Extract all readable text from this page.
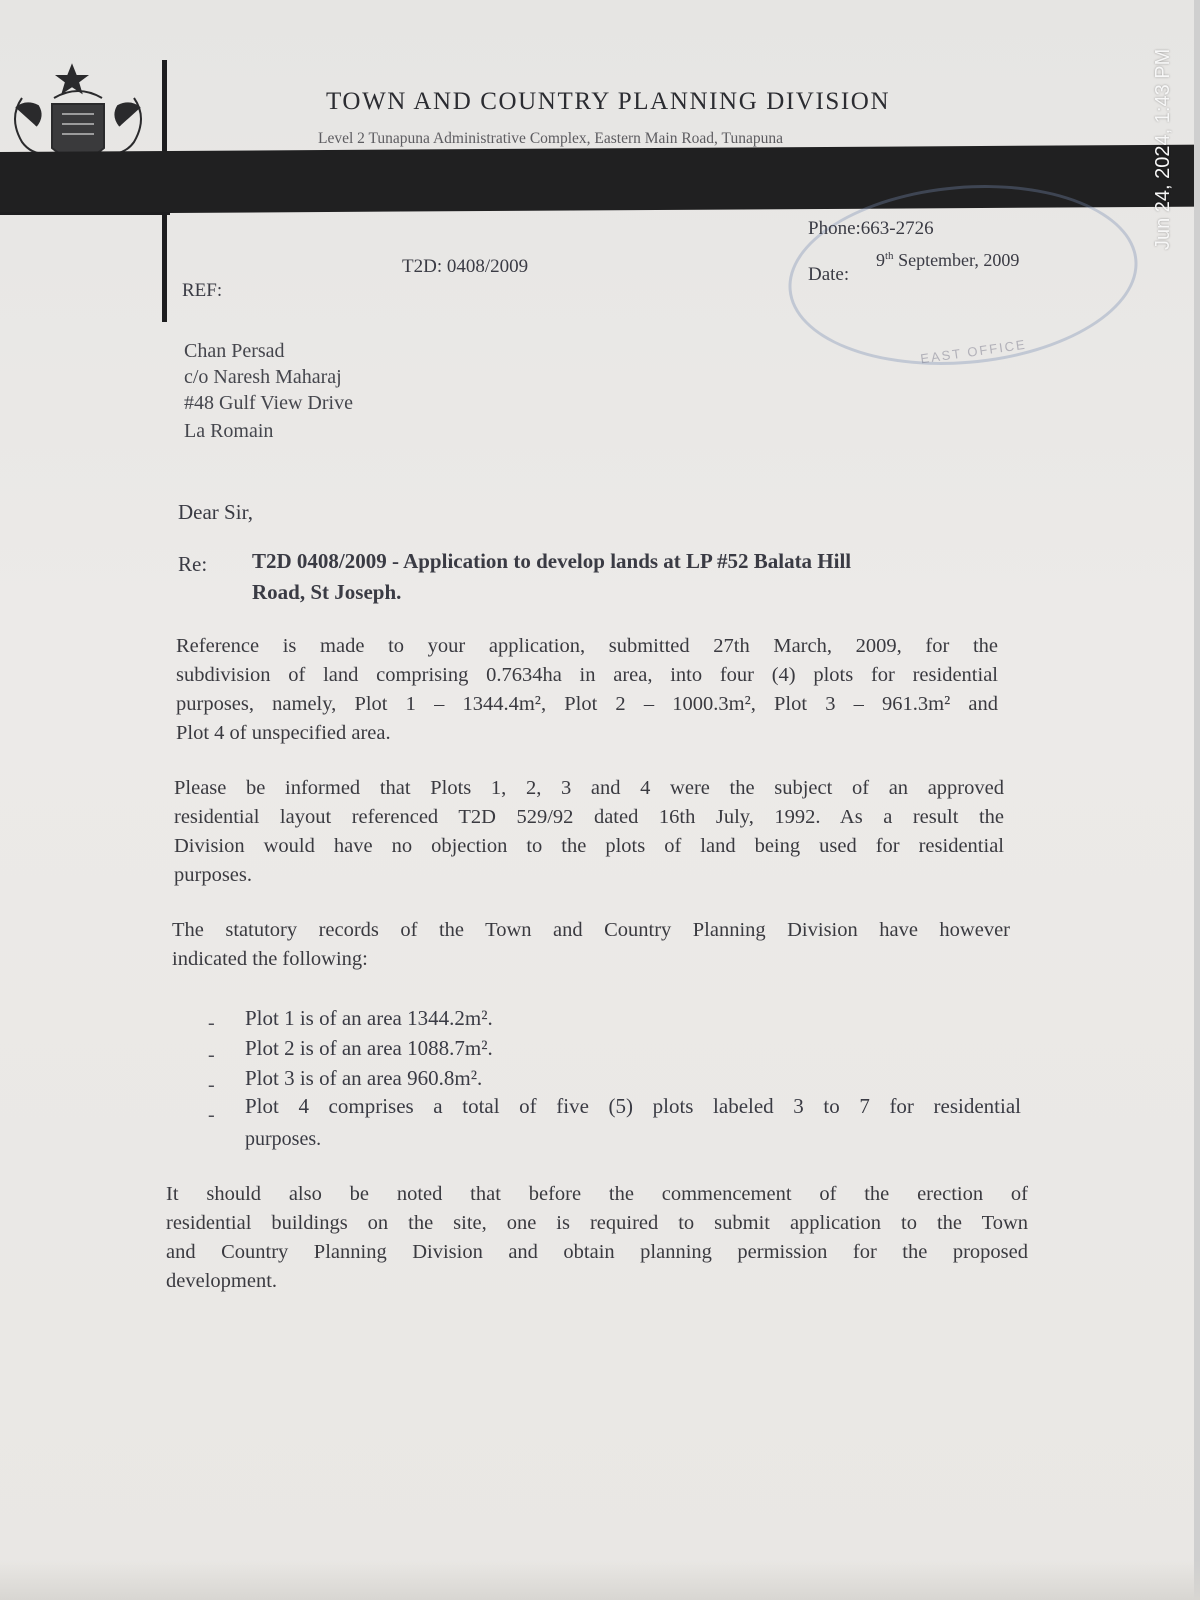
TOWN AND COUNTRY PLANNING DIVISION
Level 2 Tunapuna Administrative Complex, Eastern Main Road, Tunapuna
EAST OFFICE
T2D: 0408/2009
REF:
Phone:663-2726
Date:
9th September, 2009
Chan Persad
c/o Naresh Maharaj
#48 Gulf View Drive
La Romain
Dear Sir,
Re: T2D 0408/2009 - Application to develop lands at LP #52 Balata Hill
Road, St Joseph.
Reference is made to your application, submitted 27th March, 2009, for the
subdivision of land comprising 0.7634ha in area, into four (4) plots for residential
purposes, namely, Plot 1 – 1344.4m², Plot 2 – 1000.3m², Plot 3 – 961.3m² and
Plot 4 of unspecified area.
Please be informed that Plots 1, 2, 3 and 4 were the subject of an approved
residential layout referenced T2D 529/92 dated 16th July, 1992. As a result the
Division would have no objection to the plots of land being used for residential
purposes.
The statutory records of the Town and Country Planning Division have however
indicated the following:
- Plot 1 is of an area 1344.2m².
- Plot 2 is of an area 1088.7m².
- Plot 3 is of an area 960.8m².
- Plot 4 comprises a total of five (5) plots labeled 3 to 7 for residential
purposes.
It should also be noted that before the commencement of the erection of
residential buildings on the site, one is required to submit application to the Town
and Country Planning Division and obtain planning permission for the proposed
development.
Jun 24, 2024, 1:43 PM
